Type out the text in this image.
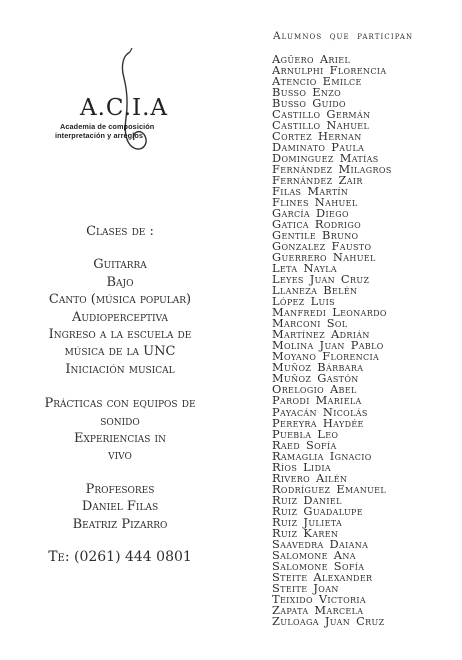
A.C.I.A
Academia de composición
interpretación y arreglos
Clases de :
Guitarra
Bajo
Canto (música popular)
Audioperceptiva
Ingreso a la escuela de
música de la UNC
Iniciación musical
Prácticas con equipos de
sonido
Experiencias in
vivo
Profesores
Daniel Filas
Beatriz Pizarro
Te: (0261) 444 0801
Alumnos que participan
Agüero Ariel
Arnulphi Florencia
Atencio Emilce
Busso Enzo
Busso Guido
Castillo Germán
Castillo Nahuel
Cortez Hernan
Daminato Paula
Dominguez Matías
Fernández Milagros
Fernández Zair
Filas Martín
Flines Nahuel
García Diego
Gatica Rodrigo
Gentile Bruno
Gonzalez Fausto
Guerrero Nahuel
Leta Nayla
Leyes Juan Cruz
Llaneza Belén
López Luis
Manfredi Leonardo
Marconi Sol
Martínez Adrián
Molina Juan Pablo
Moyano Florencia
Muñoz Bárbara
Muñoz Gastón
Orelogio Abel
Parodi Mariela
Payacán Nicolás
Pereyra Haydée
Puebla Leo
Raed Sofía
Ramaglia Ignacio
Ríos Lidia
Rivero Ailén
Rodríguez Emanuel
Ruiz Daniel
Ruiz Guadalupe
Ruiz Julieta
Ruiz Karen
Saavedra Daiana
Salomone Ana
Salomone Sofía
Steite Alexander
Steite Joan
Teixido Victoria
Zapata Marcela
Zuloaga Juan Cruz
